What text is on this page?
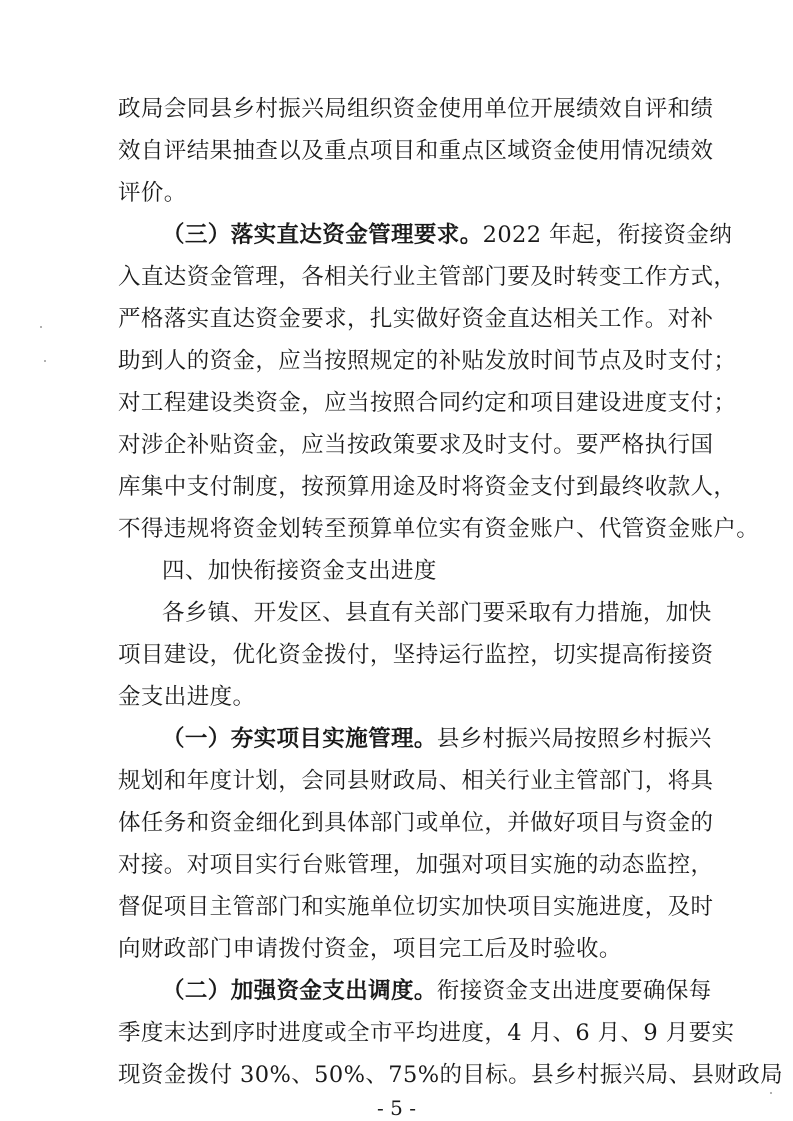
政局会同县乡村振兴局组织资金使用单位开展绩效自评和绩
效自评结果抽查以及重点项目和重点区域资金使用情况绩效
评价。
（三）落实直达资金管理要求。2022 年起，衔接资金纳
入直达资金管理，各相关行业主管部门要及时转变工作方式，
严格落实直达资金要求，扎实做好资金直达相关工作。对补
助到人的资金，应当按照规定的补贴发放时间节点及时支付；
对工程建设类资金，应当按照合同约定和项目建设进度支付；
对涉企补贴资金，应当按政策要求及时支付。要严格执行国
库集中支付制度，按预算用途及时将资金支付到最终收款人，
不得违规将资金划转至预算单位实有资金账户、代管资金账户。
四、加快衔接资金支出进度
各乡镇、开发区、县直有关部门要采取有力措施，加快
项目建设，优化资金拨付，坚持运行监控，切实提高衔接资
金支出进度。
（一）夯实项目实施管理。县乡村振兴局按照乡村振兴
规划和年度计划，会同县财政局、相关行业主管部门，将具
体任务和资金细化到具体部门或单位，并做好项目与资金的
对接。对项目实行台账管理，加强对项目实施的动态监控，
督促项目主管部门和实施单位切实加快项目实施进度，及时
向财政部门申请拨付资金，项目完工后及时验收。
（二）加强资金支出调度。衔接资金支出进度要确保每
季度末达到序时进度或全市平均进度，4 月、6 月、9 月要实
现资金拨付 30%、50%、75%的目标。县乡村振兴局、县财政局
- 5 -
